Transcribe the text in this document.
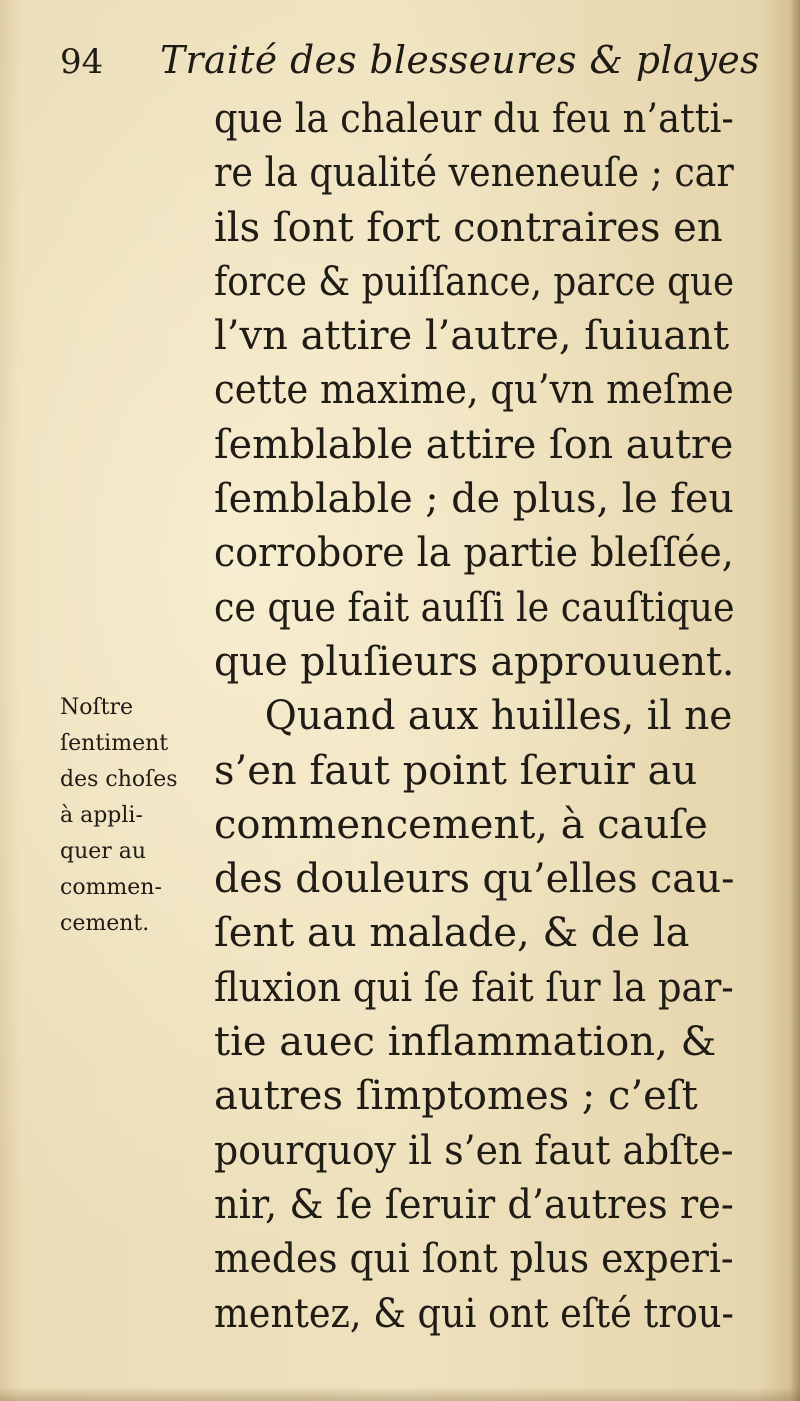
94 Traité des blesseures & playes
que la chaleur du feu n’atti-
re la qualité veneneuſe ; car
ils ſont fort contraires en
force & puiſſance, parce que
l’vn attire l’autre, ſuiuant
cette maxime, qu’vn meſme
ſemblable attire ſon autre
ſemblable ; de plus, le feu
corrobore la partie bleſſée,
ce que fait auſſi le cauſtique
que pluſieurs approuuent.
Quand aux huilles, il ne
s’en faut point ſeruir au
commencement, à cauſe
des douleurs qu’elles cau-
ſent au malade, & de la
fluxion qui ſe fait ſur la par-
tie auec inflammation, &
autres ſimptomes ; c’eſt
pourquoy il s’en faut abſte-
nir, & ſe ſeruir d’autres re-
medes qui ſont plus experi-
mentez, & qui ont eſté trou-
Noſtre
ſentiment
des choſes
à appli-
quer au
commen-
cement.
